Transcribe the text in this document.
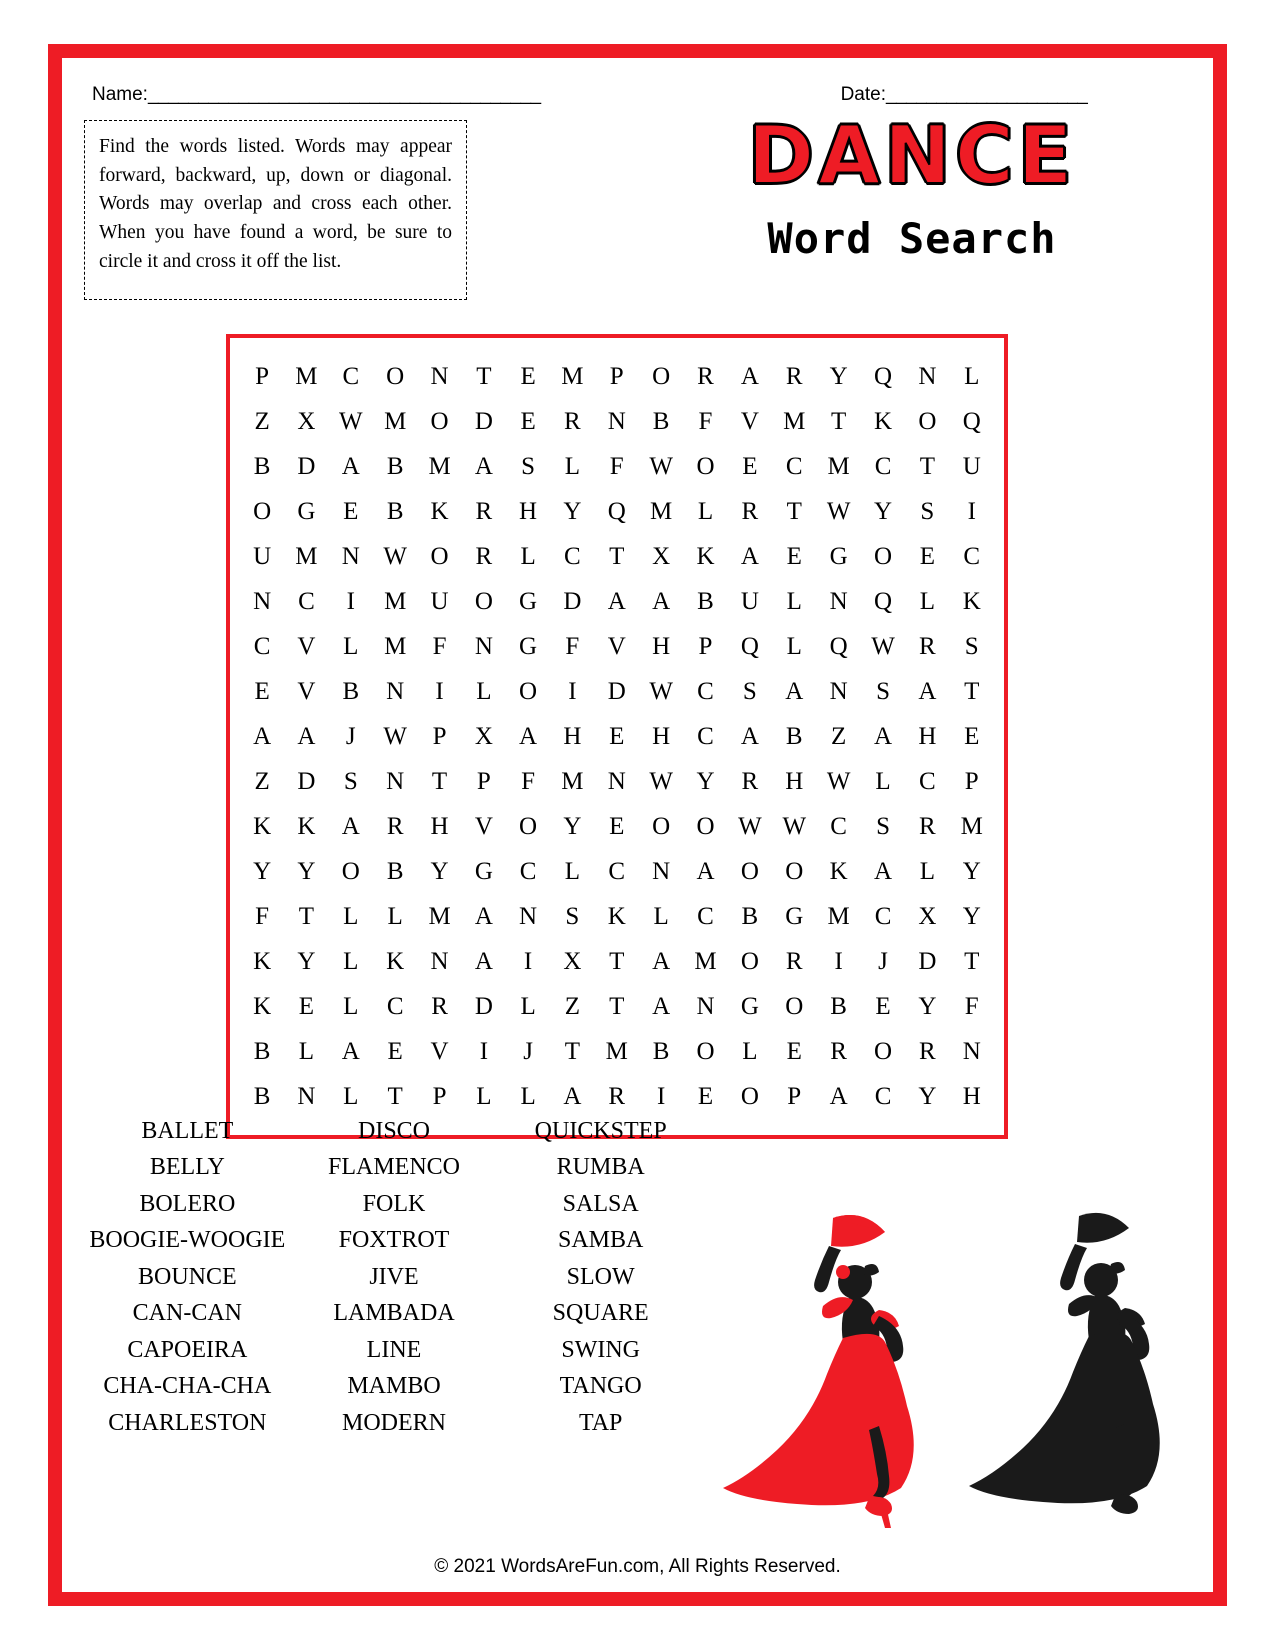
Name:_______________________________________	Date:____________________
Find the words listed. Words may appear forward, backward, up, down or diagonal. Words may overlap and cross each other. When you have found a word, be sure to circle it and cross it off the list.
DANCE
Word Search
P	M	C	O	N	T	E	M	P	O	R	A	R	Y	Q	N	L
Z	X	W	M	O	D	E	R	N	B	F	V	M	T	K	O	Q
B	D	A	B	M	A	S	L	F	W	O	E	C	M	C	T	U
O	G	E	B	K	R	H	Y	Q	M	L	R	T	W	Y	S	I
U	M	N	W	O	R	L	C	T	X	K	A	E	G	O	E	C
N	C	I	M	U	O	G	D	A	A	B	U	L	N	Q	L	K
C	V	L	M	F	N	G	F	V	H	P	Q	L	Q	W	R	S
E	V	B	N	I	L	O	I	D	W	C	S	A	N	S	A	T
A	A	J	W	P	X	A	H	E	H	C	A	B	Z	A	H	E
Z	D	S	N	T	P	F	M	N	W	Y	R	H	W	L	C	P
K	K	A	R	H	V	O	Y	E	O	O	W	W	C	S	R	M
Y	Y	O	B	Y	G	C	L	C	N	A	O	O	K	A	L	Y
F	T	L	L	M	A	N	S	K	L	C	B	G	M	C	X	Y
K	Y	L	K	N	A	I	X	T	A	M	O	R	I	J	D	T
K	E	L	C	R	D	L	Z	T	A	N	G	O	B	E	Y	F
B	L	A	E	V	I	J	T	M	B	O	L	E	R	O	R	N
B	N	L	T	P	L	L	A	R	I	E	O	P	A	C	Y	H
BALLET
BELLY
BOLERO
BOOGIE-WOOGIE
BOUNCE
CAN-CAN
CAPOEIRA
CHA-CHA-CHA
CHARLESTON
DISCO
FLAMENCO
FOLK
FOXTROT
JIVE
LAMBADA
LINE
MAMBO
MODERN
QUICKSTEP
RUMBA
SALSA
SAMBA
SLOW
SQUARE
SWING
TANGO
TAP
© 2021 WordsAreFun.com, All Rights Reserved.
